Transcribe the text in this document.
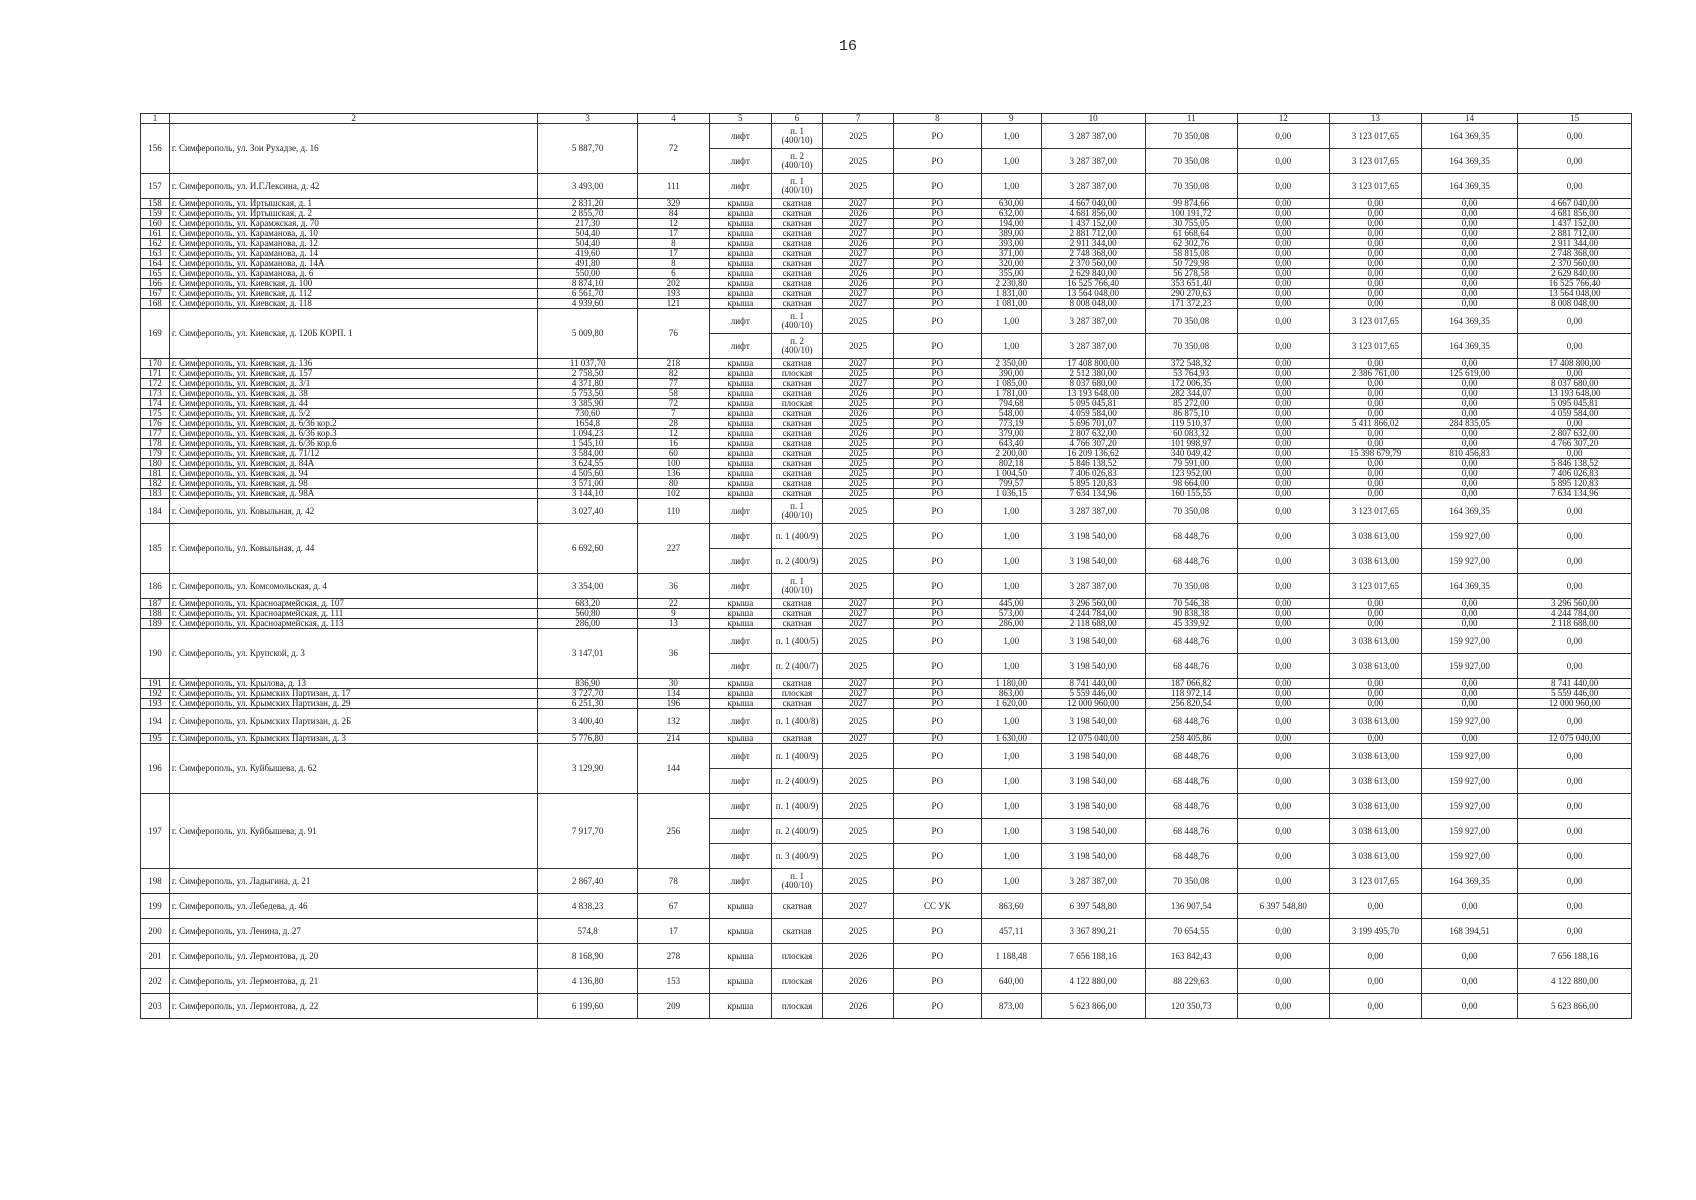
16
1	2	3	4	5	6	7	8	9	10	11	12	13	14	15
156	г. Симферополь, ул. Зои Рухадзе, д. 16	5 887,70	72	лифт	п. 1 (400/10)	2025	РО	1,00	3 287 387,00	70 350,08	0,00	3 123 017,65	164 369,35	0,00
				лифт	п. 2 (400/10)	2025	РО	1,00	3 287 387,00	70 350,08	0,00	3 123 017,65	164 369,35	0,00
157	г. Симферополь, ул. И.Г.Лексина, д. 42	3 493,00	111	лифт	п. 1 (400/10)	2025	РО	1,00	3 287 387,00	70 350,08	0,00	3 123 017,65	164 369,35	0,00
158	г. Симферополь, ул. Иртышская, д. 1	2 831,20	329	крыша	скатная	2027	РО	630,00	4 667 040,00	99 874,66	0,00	0,00	0,00	4 667 040,00
159	г. Симферополь, ул. Иртышская, д. 2	2 855,70	84	крыша	скатная	2026	РО	632,00	4 681 856,00	100 191,72	0,00	0,00	0,00	4 681 856,00
160	г. Симферополь, ул. Карамжская, д. 70	217,30	12	крыша	скатная	2027	РО	194,00	1 437 152,00	30 755,05	0,00	0,00	0,00	1 437 152,00
161	г. Симферополь, ул. Караманова, д. 10	504,40	17	крыша	скатная	2027	РО	389,00	2 881 712,00	61 668,64	0,00	0,00	0,00	2 881 712,00
162	г. Симферополь, ул. Караманова, д. 12	504,40	8	крыша	скатная	2026	РО	393,00	2 911 344,00	62 302,76	0,00	0,00	0,00	2 911 344,00
163	г. Симферополь, ул. Караманова, д. 14	419,60	17	крыша	скатная	2027	РО	371,00	2 748 368,00	58 815,08	0,00	0,00	0,00	2 748 368,00
164	г. Симферополь, ул. Караманова, д. 14А	491,80	8	крыша	скатная	2027	РО	320,00	2 370 560,00	50 729,98	0,00	0,00	0,00	2 370 560,00
165	г. Симферополь, ул. Караманова, д. 6	550,00	6	крыша	скатная	2026	РО	355,00	2 629 840,00	56 278,58	0,00	0,00	0,00	2 629 840,00
166	г. Симферополь, ул. Киевская, д. 100	8 874,10	202	крыша	скатная	2026	РО	2 230,80	16 525 766,40	353 651,40	0,00	0,00	0,00	16 525 766,40
167	г. Симферополь, ул. Киевская, д. 112	6 561,70	193	крыша	скатная	2027	РО	1 831,00	13 564 048,00	290 270,63	0,00	0,00	0,00	13 564 048,00
168	г. Симферополь, ул. Киевская, д. 118	4 939,60	121	крыша	скатная	2027	РО	1 081,00	8 008 048,00	171 372,23	0,00	0,00	0,00	8 008 048,00
169	г. Симферополь, ул. Киевская, д. 120Б КОРП. 1	5 009,80	76	лифт	п. 1 (400/10)	2025	РО	1,00	3 287 387,00	70 350,08	0,00	3 123 017,65	164 369,35	0,00
				лифт	п. 2 (400/10)	2025	РО	1,00	3 287 387,00	70 350,08	0,00	3 123 017,65	164 369,35	0,00
170	г. Симферополь, ул. Киевская, д. 136	11 037,70	218	крыша	скатная	2027	РО	2 350,00	17 408 800,00	372 548,32	0,00	0,00	0,00	17 408 800,00
171	г. Симферополь, ул. Киевская, д. 157	2 758,50	82	крыша	плоская	2025	РО	390,00	2 512 380,00	53 764,93	0,00	2 386 761,00	125 619,00	0,00
172	г. Симферополь, ул. Киевская, д. 3/1	4 371,80	77	крыша	скатная	2027	РО	1 085,00	8 037 680,00	172 006,35	0,00	0,00	0,00	8 037 680,00
173	г. Симферополь, ул. Киевская, д. 38	5 753,50	58	крыша	скатная	2026	РО	1 781,00	13 193 648,00	282 344,07	0,00	0,00	0,00	13 193 648,00
174	г. Симферополь, ул. Киевская, д. 44	3 385,90	72	крыша	плоская	2025	РО	794,68	5 095 045,81	85 272,00	0,00	0,00	0,00	5 095 045,81
175	г. Симферополь, ул. Киевская, д. 5/2	730,60	7	крыша	скатная	2026	РО	548,00	4 059 584,00	86 875,10	0,00	0,00	0,00	4 059 584,00
176	г. Симферополь, ул. Киевская, д. 6/36 кор.2	1654,8	28	крыша	скатная	2025	РО	773,19	5 696 701,07	119 510,37	0,00	5 411 866,02	284 835,05	0,00
177	г. Симферополь, ул. Киевская, д. 6/36 кор.3	1 094,23	12	крыша	скатная	2026	РО	379,00	2 807 632,00	60 083,32	0,00	0,00	0,00	2 807 632,00
178	г. Симферополь, ул. Киевская, д. 6/36 кор.6	1 545,10	16	крыша	скатная	2025	РО	643,40	4 766 307,20	101 998,97	0,00	0,00	0,00	4 766 307,20
179	г. Симферополь, ул. Киевская, д. 71/12	3 584,00	60	крыша	скатная	2025	РО	2 200,00	16 209 136,62	340 049,42	0,00	15 398 679,79	810 456,83	0,00
180	г. Симферополь, ул. Киевская, д. 84А	3 624,55	100	крыша	скатная	2025	РО	802,18	5 846 138,52	79 591,00	0,00	0,00	0,00	5 846 138,52
181	г. Симферополь, ул. Киевская, д. 94	4 505,60	136	крыша	скатная	2025	РО	1 004,50	7 406 026,83	123 952,00	0,00	0,00	0,00	7 406 026,83
182	г. Симферополь, ул. Киевская, д. 98	3 571,00	80	крыша	скатная	2025	РО	799,57	5 895 120,83	98 664,00	0,00	0,00	0,00	5 895 120,83
183	г. Симферополь, ул. Киевская, д. 98А	3 144,10	102	крыша	скатная	2025	РО	1 036,15	7 634 134,96	160 155,55	0,00	0,00	0,00	7 634 134,96
184	г. Симферополь, ул. Ковыльная, д. 42	3 027,40	110	лифт	п. 1 (400/10)	2025	РО	1,00	3 287 387,00	70 350,08	0,00	3 123 017,65	164 369,35	0,00
185	г. Симферополь, ул. Ковыльная, д. 44	6 692,60	227	лифт	п. 1 (400/9)	2025	РО	1,00	3 198 540,00	68 448,76	0,00	3 038 613,00	159 927,00	0,00
				лифт	п. 2 (400/9)	2025	РО	1,00	3 198 540,00	68 448,76	0,00	3 038 613,00	159 927,00	0,00
186	г. Симферополь, ул. Комсомольская, д. 4	3 354,00	36	лифт	п. 1 (400/10)	2025	РО	1,00	3 287 387,00	70 350,08	0,00	3 123 017,65	164 369,35	0,00
187	г. Симферополь, ул. Красноармейская, д. 107	683,20	22	крыша	скатная	2027	РО	445,00	3 296 560,00	70 546,38	0,00	0,00	0,00	3 296 560,00
188	г. Симферополь, ул. Красноармейская, д. 111	560,80	9	крыша	скатная	2027	РО	573,00	4 244 784,00	90 838,38	0,00	0,00	0,00	4 244 784,00
189	г. Симферополь, ул. Красноармейская, д. 113	286,00	13	крыша	скатная	2027	РО	286,00	2 118 688,00	45 339,92	0,00	0,00	0,00	2 118 688,00
190	г. Симферополь, ул. Крупской, д. 3	3 147,01	36	лифт	п. 1 (400/5)	2025	РО	1,00	3 198 540,00	68 448,76	0,00	3 038 613,00	159 927,00	0,00
				лифт	п. 2 (400/7)	2025	РО	1,00	3 198 540,00	68 448,76	0,00	3 038 613,00	159 927,00	0,00
191	г. Симферополь, ул. Крылова, д. 13	836,90	30	крыша	скатная	2027	РО	1 180,00	8 741 440,00	187 066,82	0,00	0,00	0,00	8 741 440,00
192	г. Симферополь, ул. Крымских Партизан, д. 17	3 727,70	134	крыша	плоская	2027	РО	863,00	5 559 446,00	118 972,14	0,00	0,00	0,00	5 559 446,00
193	г. Симферополь, ул. Крымских Партизан, д. 29	6 251,30	196	крыша	скатная	2027	РО	1 620,00	12 000 960,00	256 820,54	0,00	0,00	0,00	12 000 960,00
194	г. Симферополь, ул. Крымских Партизан, д. 2Б	3 400,40	132	лифт	п. 1 (400/8)	2025	РО	1,00	3 198 540,00	68 448,76	0,00	3 038 613,00	159 927,00	0,00
195	г. Симферополь, ул. Крымских Партизан, д. 3	5 776,80	214	крыша	скатная	2027	РО	1 630,00	12 075 040,00	258 405,86	0,00	0,00	0,00	12 075 040,00
196	г. Симферополь, ул. Куйбышева, д. 62	3 129,90	144	лифт	п. 1 (400/9)	2025	РО	1,00	3 198 540,00	68 448,76	0,00	3 038 613,00	159 927,00	0,00
				лифт	п. 2 (400/9)	2025	РО	1,00	3 198 540,00	68 448,76	0,00	3 038 613,00	159 927,00	0,00
197	г. Симферополь, ул. Куйбышева, д. 91	7 917,70	256	лифт	п. 1 (400/9)	2025	РО	1,00	3 198 540,00	68 448,76	0,00	3 038 613,00	159 927,00	0,00
				лифт	п. 2 (400/9)	2025	РО	1,00	3 198 540,00	68 448,76	0,00	3 038 613,00	159 927,00	0,00
				лифт	п. 3 (400/9)	2025	РО	1,00	3 198 540,00	68 448,76	0,00	3 038 613,00	159 927,00	0,00
198	г. Симферополь, ул. Ладыгина, д. 21	2 867,40	78	лифт	п. 1 (400/10)	2025	РО	1,00	3 287 387,00	70 350,08	0,00	3 123 017,65	164 369,35	0,00
199	г. Симферополь, ул. Лебедева, д. 46	4 838,23	67	крыша	скатная	2027	СС УК	863,60	6 397 548,80	136 907,54	6 397 548,80	0,00	0,00	0,00
200	г. Симферополь, ул. Ленина, д. 27	574,8	17	крыша	скатная	2025	РО	457,11	3 367 890,21	70 654,55	0,00	3 199 495,70	168 394,51	0,00
201	г. Симферополь, ул. Лермонтова, д. 20	8 168,90	278	крыша	плоская	2026	РО	1 188,48	7 656 188,16	163 842,43	0,00	0,00	0,00	7 656 188,16
202	г. Симферополь, ул. Лермонтова, д. 21	4 136,80	153	крыша	плоская	2026	РО	640,00	4 122 880,00	88 229,63	0,00	0,00	0,00	4 122 880,00
203	г. Симферополь, ул. Лермонтова, д. 22	6 199,60	209	крыша	плоская	2026	РО	873,00	5 623 866,00	120 350,73	0,00	0,00	0,00	5 623 866,00
